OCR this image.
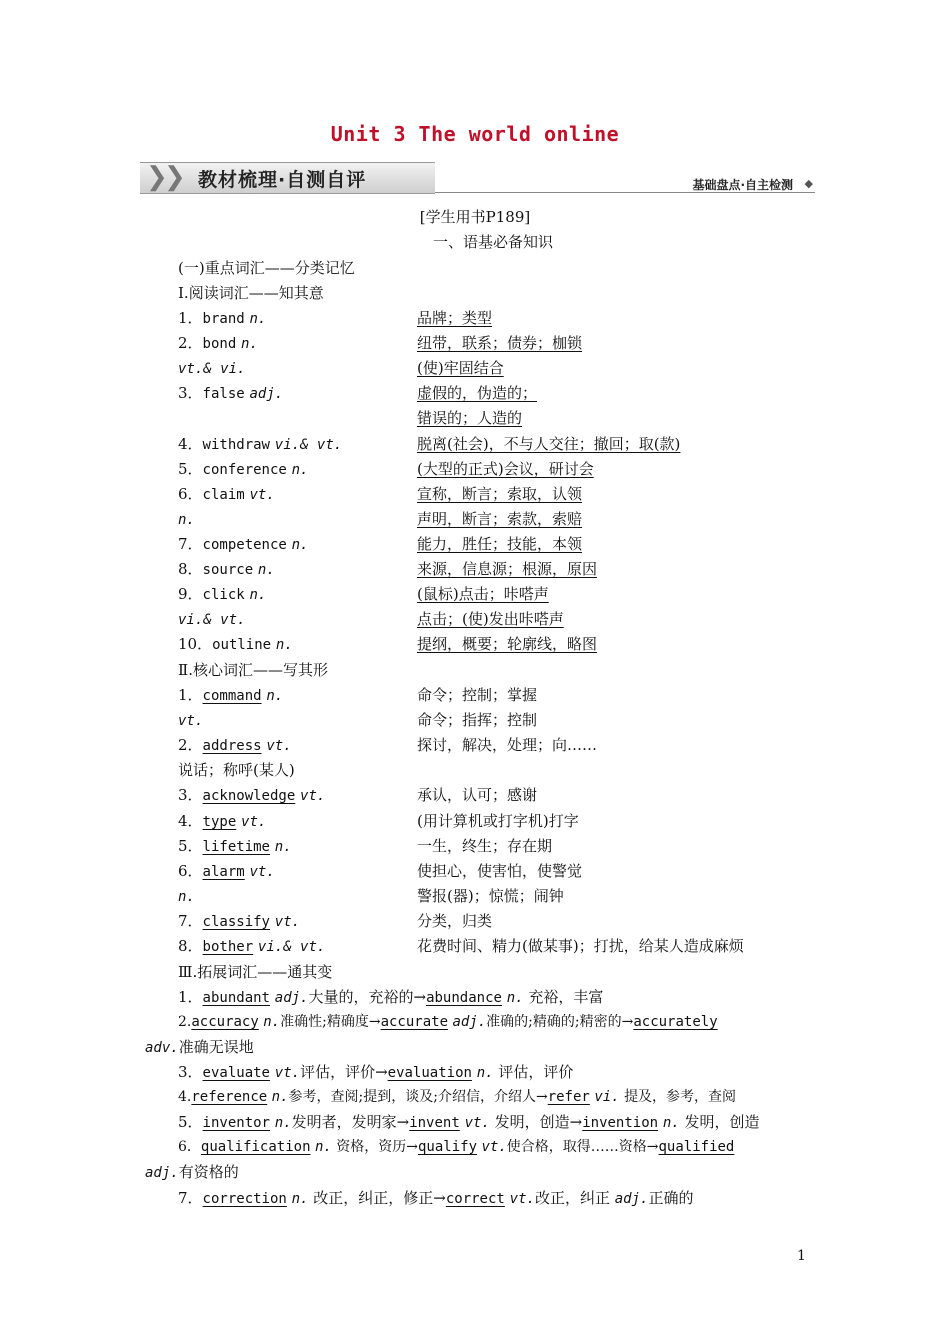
Unit 3 The world online
❯
❯ 教材梳理·自测自评	基础盘点·自主检测 ◆
[学生用书P189]
一、语基必备知识
(一)重点词汇——分类记忆
Ⅰ.阅读词汇——知其意
1．brand n.	品牌；类型
2．bond n.	纽带，联系；债券；枷锁
vt.& vi.	(使)牢固结合
3．false adj.	虚假的，伪造的；
错误的；人造的
4．withdraw vi.& vt.	脱离(社会)，不与人交往；撤回；取(款)
5．conference n.	(大型的正式)会议，研讨会
6．claim vt.	宣称，断言；索取，认领
n.	声明，断言；索款，索赔
7．competence n.	能力，胜任；技能，本领
8．source n.	来源，信息源；根源，原因
9．click n.	(鼠标)点击；咔嗒声
vi.& vt.	点击；(使)发出咔嗒声
10．outline n.	提纲，概要；轮廓线，略图
Ⅱ.核心词汇——写其形
1．command n.	命令；控制；掌握
vt.	命令；指挥；控制
2．address vt.	探讨，解决，处理；向……
说话；称呼(某人)
3．acknowledge vt.	承认，认可；感谢
4．type vt.	(用计算机或打字机)打字
5．lifetime n.	一生，终生；存在期
6．alarm vt.	使担心，使害怕，使警觉
n.	警报(器)；惊慌；闹钟
7．classify vt.	分类，归类
8．bother vi.& vt.	花费时间、精力(做某事)；打扰，给某人造成麻烦
Ⅲ.拓展词汇——通其变
1．abundant adj.大量的，充裕的→abundance n. 充裕，丰富
2.accuracy n.准确性;精确度→accurate adj.准确的;精确的;精密的→accurately
adv.准确无误地
3．evaluate vt.评估，评价→evaluation n. 评估，评价
4.reference n.参考，查阅;提到，谈及;介绍信，介绍人→refer vi. 提及，参考，查阅
5．inventor n.发明者，发明家→invent vt. 发明，创造→invention n. 发明，创造
6．qualification n. 资格，资历→qualify vt.使合格，取得……资格→qualified
adj.有资格的
7．correction n. 改正，纠正，修正→correct vt.改正，纠正 adj.正确的
1
